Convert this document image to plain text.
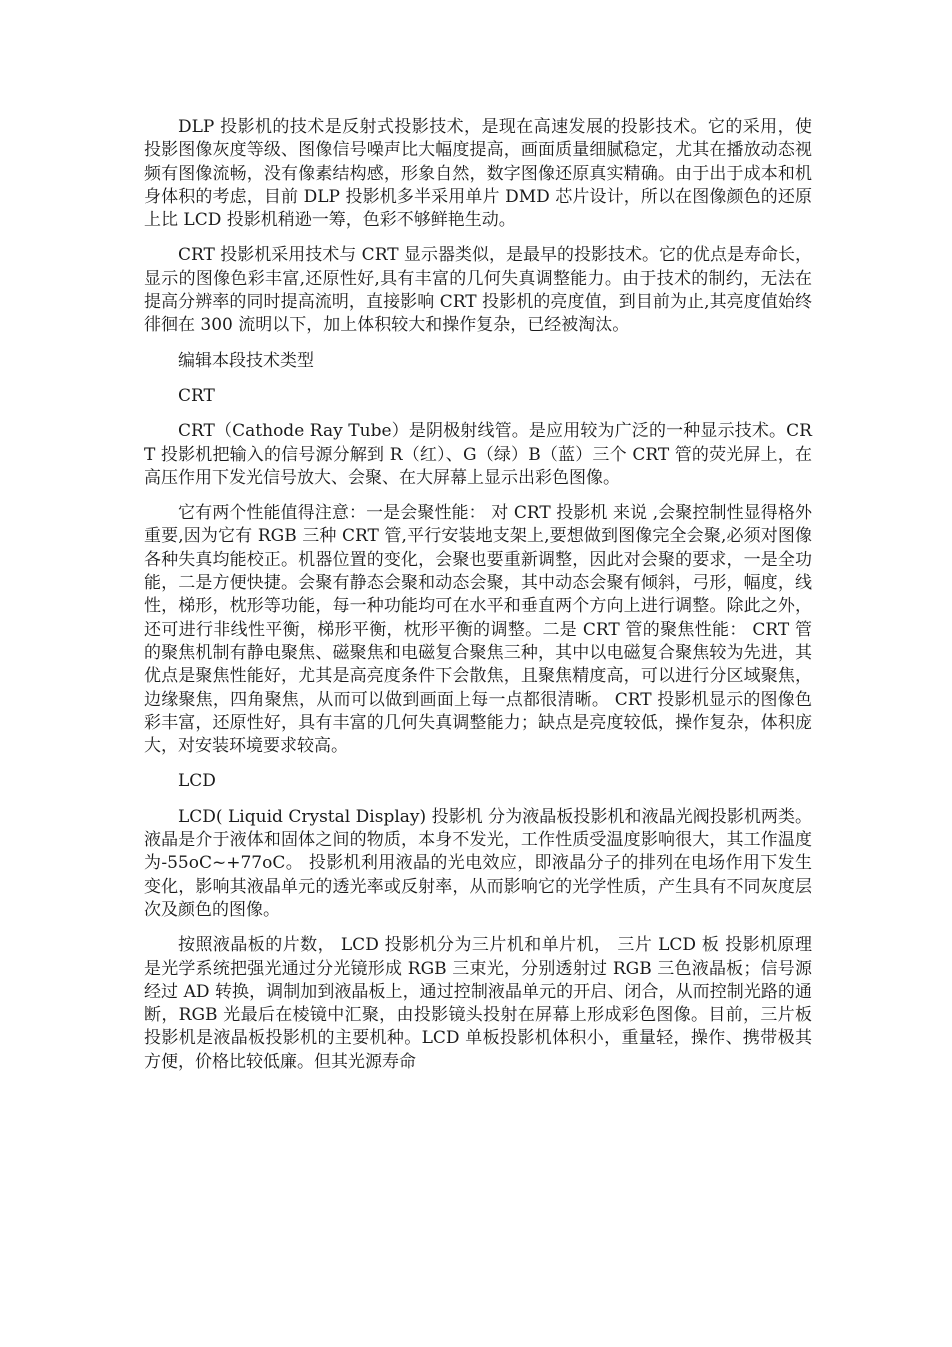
DLP 投影机的技术是反射式投影技术，是现在高速发展的投影技术。它的采用，使投影图像灰度等级、图像信号噪声比大幅度提高，画面质量细腻稳定，尤其在播放动态视频有图像流畅，没有像素结构感，形象自然，数字图像还原真实精确。由于出于成本和机身体积的考虑，目前 DLP 投影机多半采用单片 DMD 芯片设计，所以在图像颜色的还原上比 LCD 投影机稍逊一筹，色彩不够鲜艳生动。

CRT 投影机采用技术与 CRT 显示器类似，是最早的投影技术。它的优点是寿命长，显示的图像色彩丰富,还原性好,具有丰富的几何失真调整能力。由于技术的制约，无法在提高分辨率的同时提高流明，直接影响 CRT 投影机的亮度值，到目前为止,其亮度值始终徘徊在 300 流明以下，加上体积较大和操作复杂，已经被淘汰。

编辑本段技术类型

CRT

CRT（Cathode Ray Tube）是阴极射线管。是应用较为广泛的一种显示技术。CRT 投影机把输入的信号源分解到 R（红）、G（绿）B（蓝）三个 CRT 管的荧光屏上，在高压作用下发光信号放大、会聚、在大屏幕上显示出彩色图像。

它有两个性能值得注意：一是会聚性能： 对 CRT 投影机 来说 ,会聚控制性显得格外重要,因为它有 RGB 三种 CRT 管,平行安装地支架上,要想做到图像完全会聚,必须对图像各种失真均能校正。机器位置的变化，会聚也要重新调整，因此对会聚的要求，一是全功能，二是方便快捷。会聚有静态会聚和动态会聚，其中动态会聚有倾斜，弓形，幅度，线性，梯形，枕形等功能，每一种功能均可在水平和垂直两个方向上进行调整。除此之外，还可进行非线性平衡，梯形平衡，枕形平衡的调整。二是 CRT 管的聚焦性能： CRT 管的聚焦机制有静电聚焦、磁聚焦和电磁复合聚焦三种，其中以电磁复合聚焦较为先进，其优点是聚焦性能好，尤其是高亮度条件下会散焦，且聚焦精度高，可以进行分区域聚焦，边缘聚焦，四角聚焦，从而可以做到画面上每一点都很清晰。 CRT 投影机显示的图像色彩丰富，还原性好，具有丰富的几何失真调整能力；缺点是亮度较低，操作复杂，体积庞大，对安装环境要求较高。

LCD

LCD( Liquid Crystal Display) 投影机 分为液晶板投影机和液晶光阀投影机两类。液晶是介于液体和固体之间的物质，本身不发光，工作性质受温度影响很大，其工作温度为-55oC~+77oC。 投影机利用液晶的光电效应，即液晶分子的排列在电场作用下发生变化，影响其液晶单元的透光率或反射率，从而影响它的光学性质，产生具有不同灰度层次及颜色的图像。

按照液晶板的片数， LCD 投影机分为三片机和单片机， 三片 LCD 板 投影机原理是光学系统把强光通过分光镜形成 RGB 三束光，分别透射过 RGB 三色液晶板；信号源经过 AD 转换，调制加到液晶板上，通过控制液晶单元的开启、闭合，从而控制光路的通断，RGB 光最后在棱镜中汇聚，由投影镜头投射在屏幕上形成彩色图像。目前，三片板投影机是液晶板投影机的主要机种。LCD 单板投影机体积小，重量轻，操作、携带极其方便，价格比较低廉。但其光源寿命
